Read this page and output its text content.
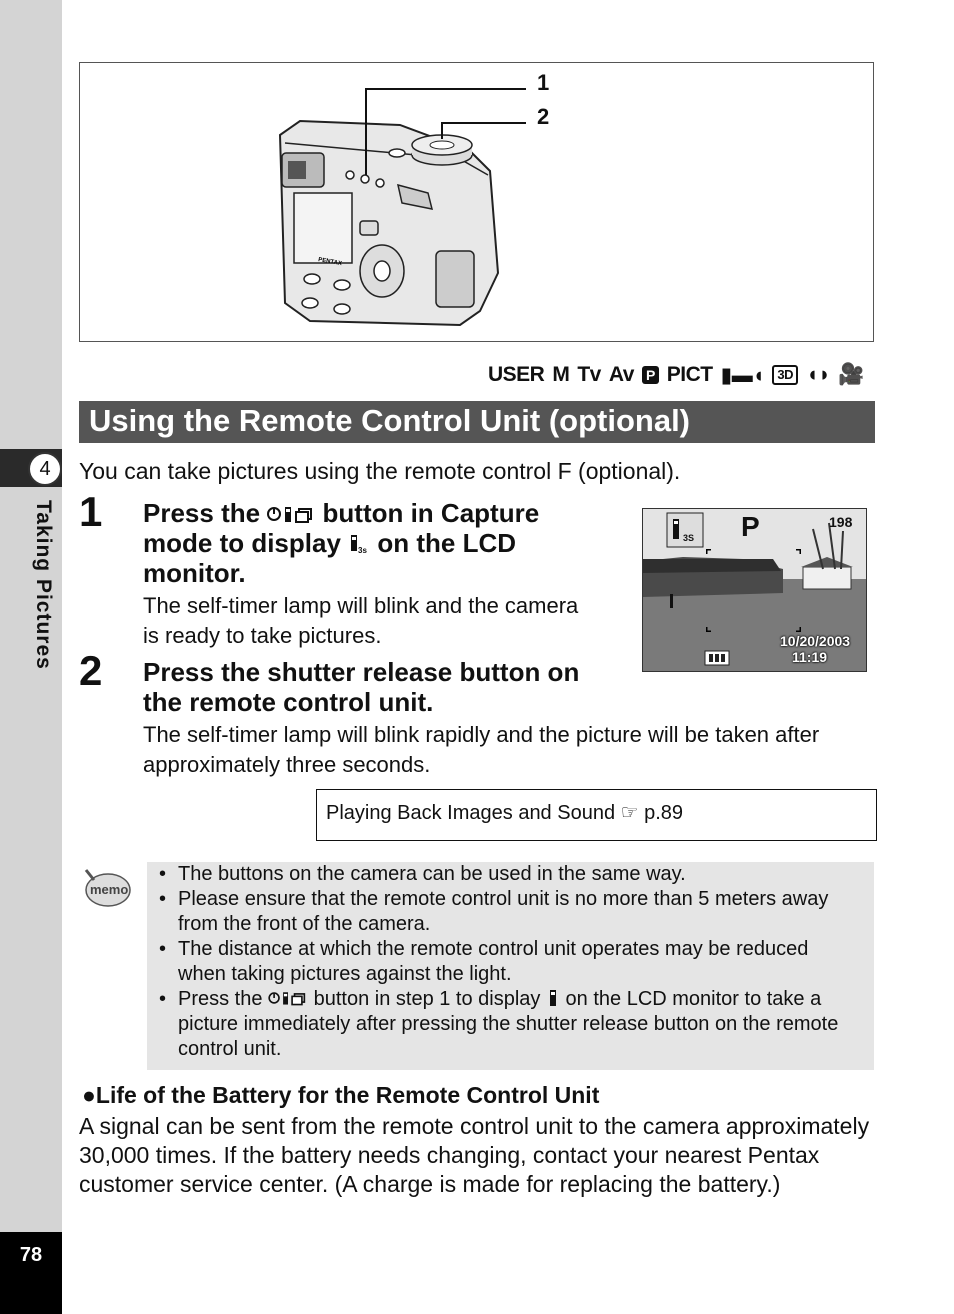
4
Taking Pictures
78
PENTAX
1
2
USER M Tv Av P PICT ▮▬◖	3D ◖◗ 🎥
Using the Remote Control Unit (optional)
You can take pictures using the remote control F (optional).
1 Press the  button in Capture
mode to display 3s on the LCD
monitor.
The self-timer lamp will blink and the camera
is ready to take pictures.
3S P	198
10/20/2003
11:19
2 Press the shutter release button on
the remote control unit.
The self-timer lamp will blink rapidly and the picture will be taken after
approximately three seconds.
Playing Back Images and Sound ☞ p.89
memo
• The buttons on the camera can be used in the same way.
• Please ensure that the remote control unit is no more than 5 meters away from the front of the camera.
• The distance at which the remote control unit operates may be reduced when taking pictures against the light.
• Press the  button in step 1 to display  on the LCD monitor to take a picture immediately after pressing the shutter release button on the remote control unit.
●Life of the Battery for the Remote Control Unit
A signal can be sent from the remote control unit to the camera approximately 30,000 times. If the battery needs changing, contact your nearest Pentax customer service center. (A charge is made for replacing the battery.)
